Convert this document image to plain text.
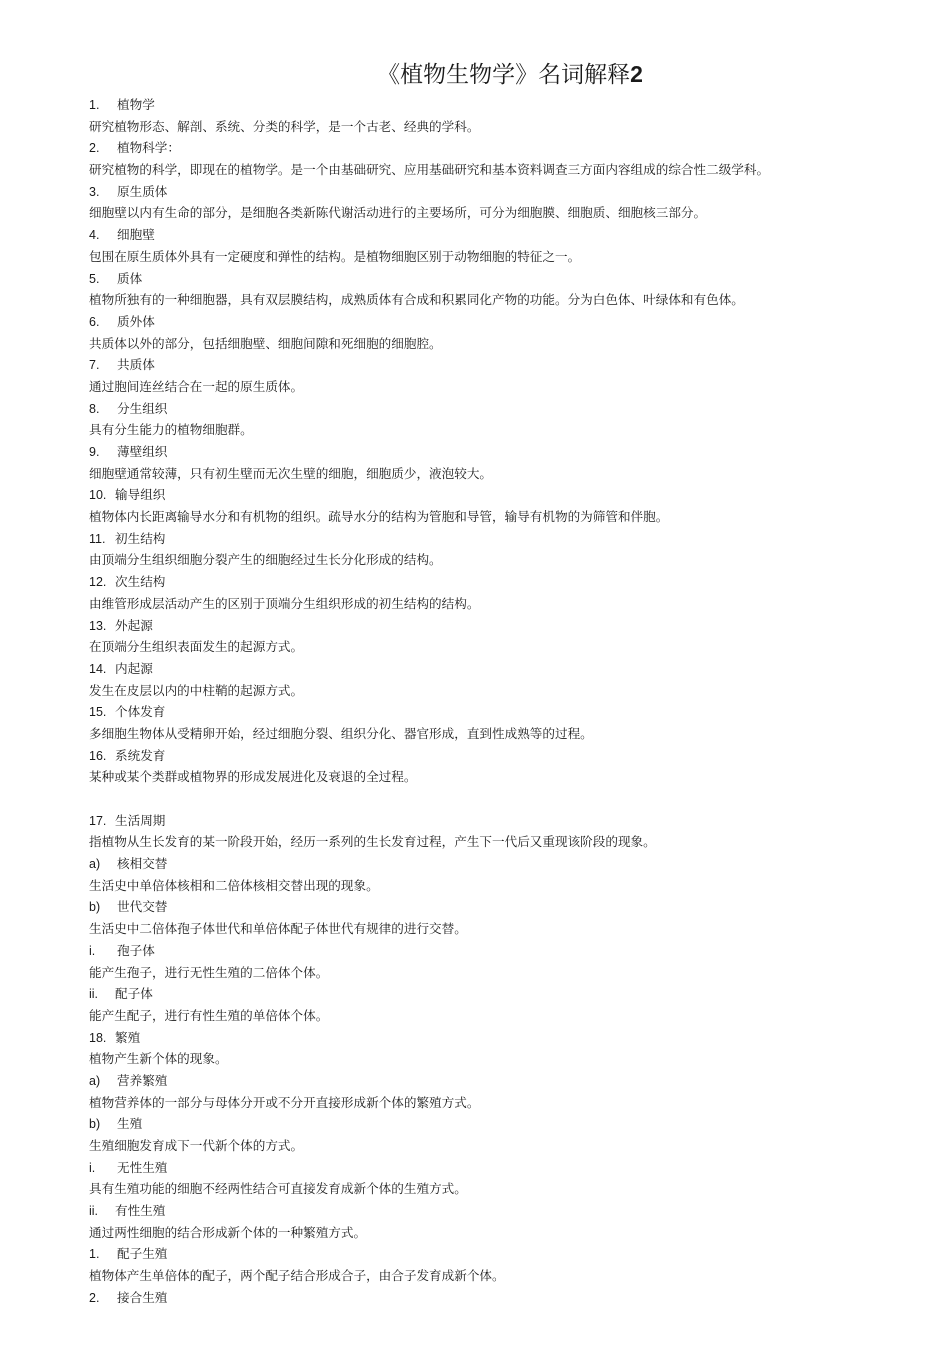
《植物生物学》名词解释2
1. 植物学
研究植物形态、解剖、系统、分类的科学，是一个古老、经典的学科。
2. 植物科学：
研究植物的科学，即现在的植物学。是一个由基础研究、应用基础研究和基本资料调查三方面内容组成的综合性二级学科。
3. 原生质体
细胞壁以内有生命的部分，是细胞各类新陈代谢活动进行的主要场所，可分为细胞膜、细胞质、细胞核三部分。
4. 细胞壁
包围在原生质体外具有一定硬度和弹性的结构。是植物细胞区别于动物细胞的特征之一。
5. 质体
植物所独有的一种细胞器，具有双层膜结构，成熟质体有合成和积累同化产物的功能。分为白色体、叶绿体和有色体。
6. 质外体
共质体以外的部分，包括细胞壁、细胞间隙和死细胞的细胞腔。
7. 共质体
通过胞间连丝结合在一起的原生质体。
8. 分生组织
具有分生能力的植物细胞群。
9. 薄壁组织
细胞壁通常较薄，只有初生壁而无次生壁的细胞，细胞质少，液泡较大。
10. 输导组织
植物体内长距离输导水分和有机物的组织。疏导水分的结构为管胞和导管，输导有机物的为筛管和伴胞。
11. 初生结构
由顶端分生组织细胞分裂产生的细胞经过生长分化形成的结构。
12. 次生结构
由维管形成层活动产生的区别于顶端分生组织形成的初生结构的结构。
13. 外起源
在顶端分生组织表面发生的起源方式。
14. 内起源
发生在皮层以内的中柱鞘的起源方式。
15. 个体发育
多细胞生物体从受精卵开始，经过细胞分裂、组织分化、器官形成，直到性成熟等的过程。
16. 系统发育
某种或某个类群或植物界的形成发展进化及衰退的全过程。
17. 生活周期
指植物从生长发育的某一阶段开始，经历一系列的生长发育过程，产生下一代后又重现该阶段的现象。
a) 核相交替
生活史中单倍体核相和二倍体核相交替出现的现象。
b) 世代交替
生活史中二倍体孢子体世代和单倍体配子体世代有规律的进行交替。
i. 孢子体
能产生孢子，进行无性生殖的二倍体个体。
ii. 配子体
能产生配子，进行有性生殖的单倍体个体。
18. 繁殖
植物产生新个体的现象。
a) 营养繁殖
植物营养体的一部分与母体分开或不分开直接形成新个体的繁殖方式。
b) 生殖
生殖细胞发育成下一代新个体的方式。
i. 无性生殖
具有生殖功能的细胞不经两性结合可直接发育成新个体的生殖方式。
ii. 有性生殖
通过两性细胞的结合形成新个体的一种繁殖方式。
1. 配子生殖
植物体产生单倍体的配子，两个配子结合形成合子，由合子发育成新个体。
2. 接合生殖
